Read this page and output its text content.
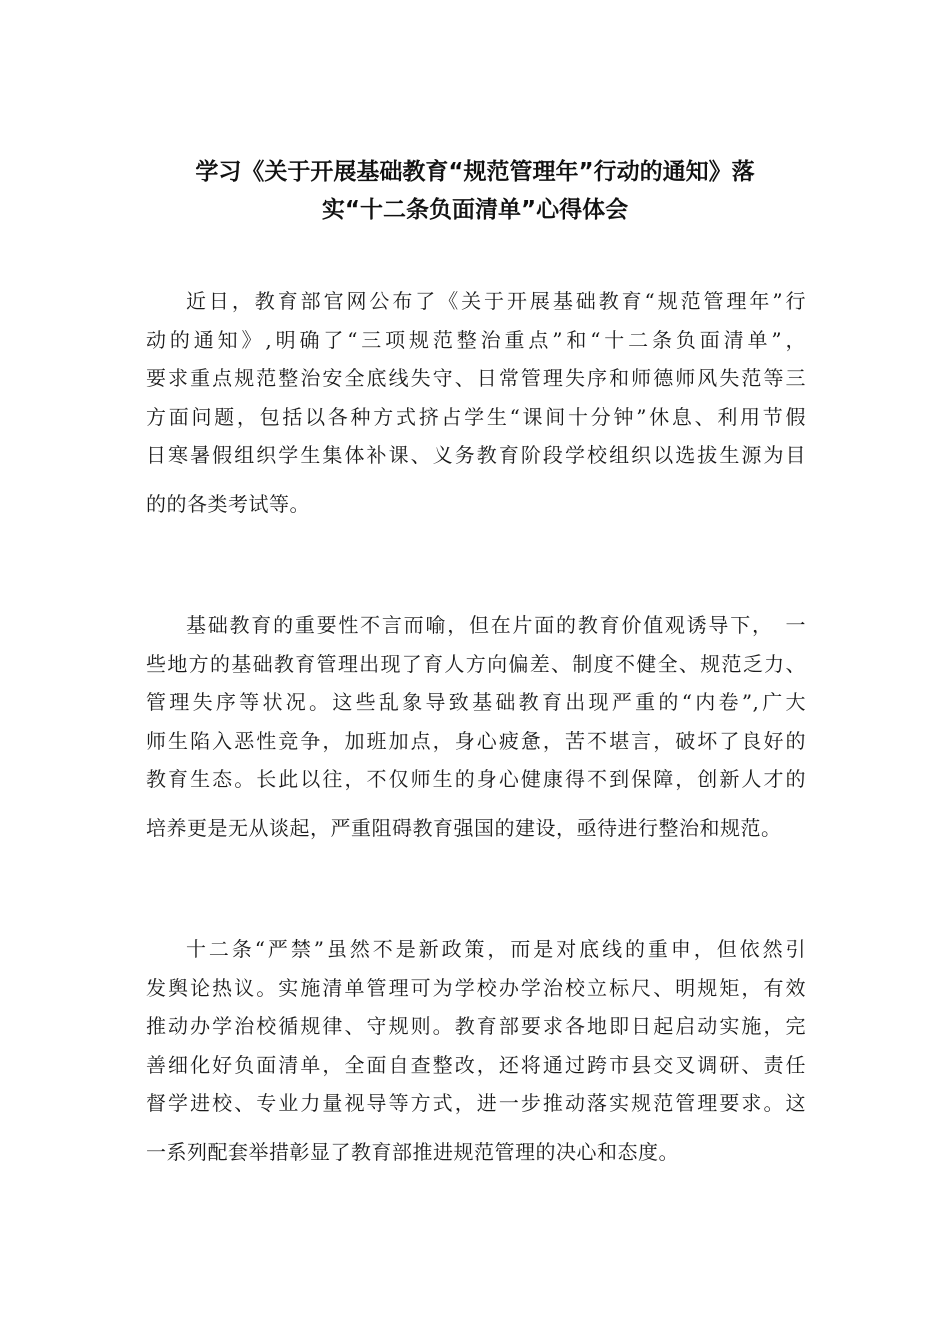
学习《关于开展基础教育“规范管理年”行动的通知》落
实“十二条负面清单”心得体会
近日，教育部官网公布了《关于开展基础教育“规范管理年”行
动的通知》,明确了“三项规范整治重点”和“十二条负面清单”，
要求重点规范整治安全底线失守、日常管理失序和师德师风失范等三
方面问题，包括以各种方式挤占学生“课间十分钟”休息、利用节假
日寒暑假组织学生集体补课、义务教育阶段学校组织以选拔生源为目
的的各类考试等。
基础教育的重要性不言而喻，但在片面的教育价值观诱导下，　一
些地方的基础教育管理出现了育人方向偏差、制度不健全、规范乏力、
管理失序等状况。这些乱象导致基础教育出现严重的“内卷”,广大
师生陷入恶性竞争，加班加点，身心疲惫，苦不堪言，破坏了良好的
教育生态。长此以往，不仅师生的身心健康得不到保障，创新人才的
培养更是无从谈起，严重阻碍教育强国的建设，亟待进行整治和规范。
十二条“严禁”虽然不是新政策，而是对底线的重申，但依然引
发舆论热议。实施清单管理可为学校办学治校立标尺、明规矩，有效
推动办学治校循规律、守规则。教育部要求各地即日起启动实施，完
善细化好负面清单，全面自查整改，还将通过跨市县交叉调研、责任
督学进校、专业力量视导等方式，进一步推动落实规范管理要求。这
一系列配套举措彰显了教育部推进规范管理的决心和态度。
